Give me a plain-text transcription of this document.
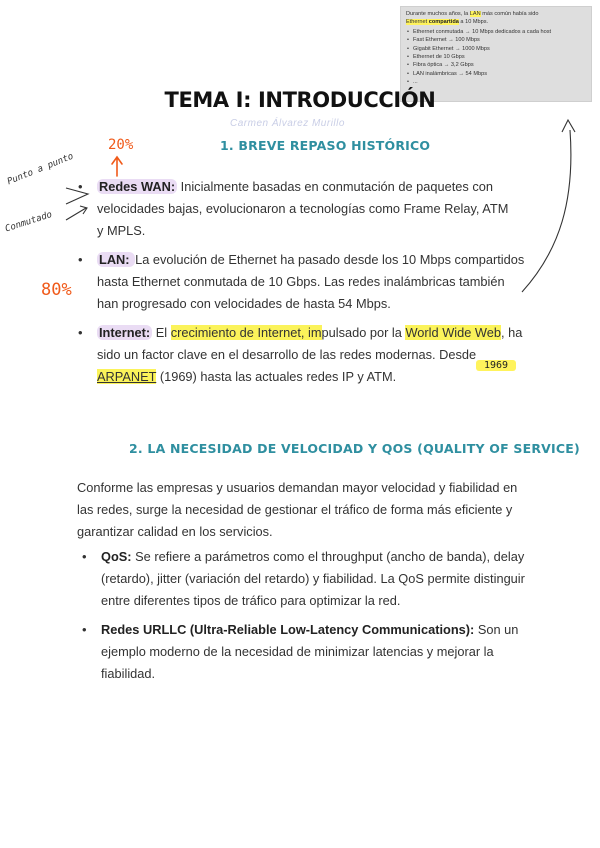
Durante muchos años, la LAN más común había sido
Ethernet compartida a 10 Mbps.
• Ethernet conmutada → 10 Mbps dedicados a cada host
• Fast Ethernet → 100 Mbps
• Gigabit Ethernet → 1000 Mbps
• Ethernet de 10 Gbps
• Fibra óptica → 3,2 Gbps
• LAN inalámbricas → 54 Mbps
• ...
TEMA I: INTRODUCCIÓN
Carmen Álvarez Murillo
1. BREVE REPASO HISTÓRICO
20%
80%
Punto a punto
Conmutado
1969
• Redes WAN: Inicialmente basadas en conmutación de paquetes con velocidades bajas, evolucionaron a tecnologías como Frame Relay, ATM y MPLS.
• LAN: La evolución de Ethernet ha pasado desde los 10 Mbps compartidos hasta Ethernet conmutada de 10 Gbps. Las redes inalámbricas también han progresado con velocidades de hasta 54 Mbps.
• Internet: El crecimiento de Internet, impulsado por la World Wide Web, ha sido un factor clave en el desarrollo de las redes modernas. Desde ARPANET (1969) hasta las actuales redes IP y ATM.
2. LA NECESIDAD DE VELOCIDAD Y QOS (QUALITY OF SERVICE)
Conforme las empresas y usuarios demandan mayor velocidad y fiabilidad en las redes, surge la necesidad de gestionar el tráfico de forma más eficiente y garantizar calidad en los servicios.
• QoS: Se refiere a parámetros como el throughput (ancho de banda), delay (retardo), jitter (variación del retardo) y fiabilidad. La QoS permite distinguir entre diferentes tipos de tráfico para optimizar la red.
• Redes URLLC (Ultra-Reliable Low-Latency Communications): Son un ejemplo moderno de la necesidad de minimizar latencias y mejorar la fiabilidad.
